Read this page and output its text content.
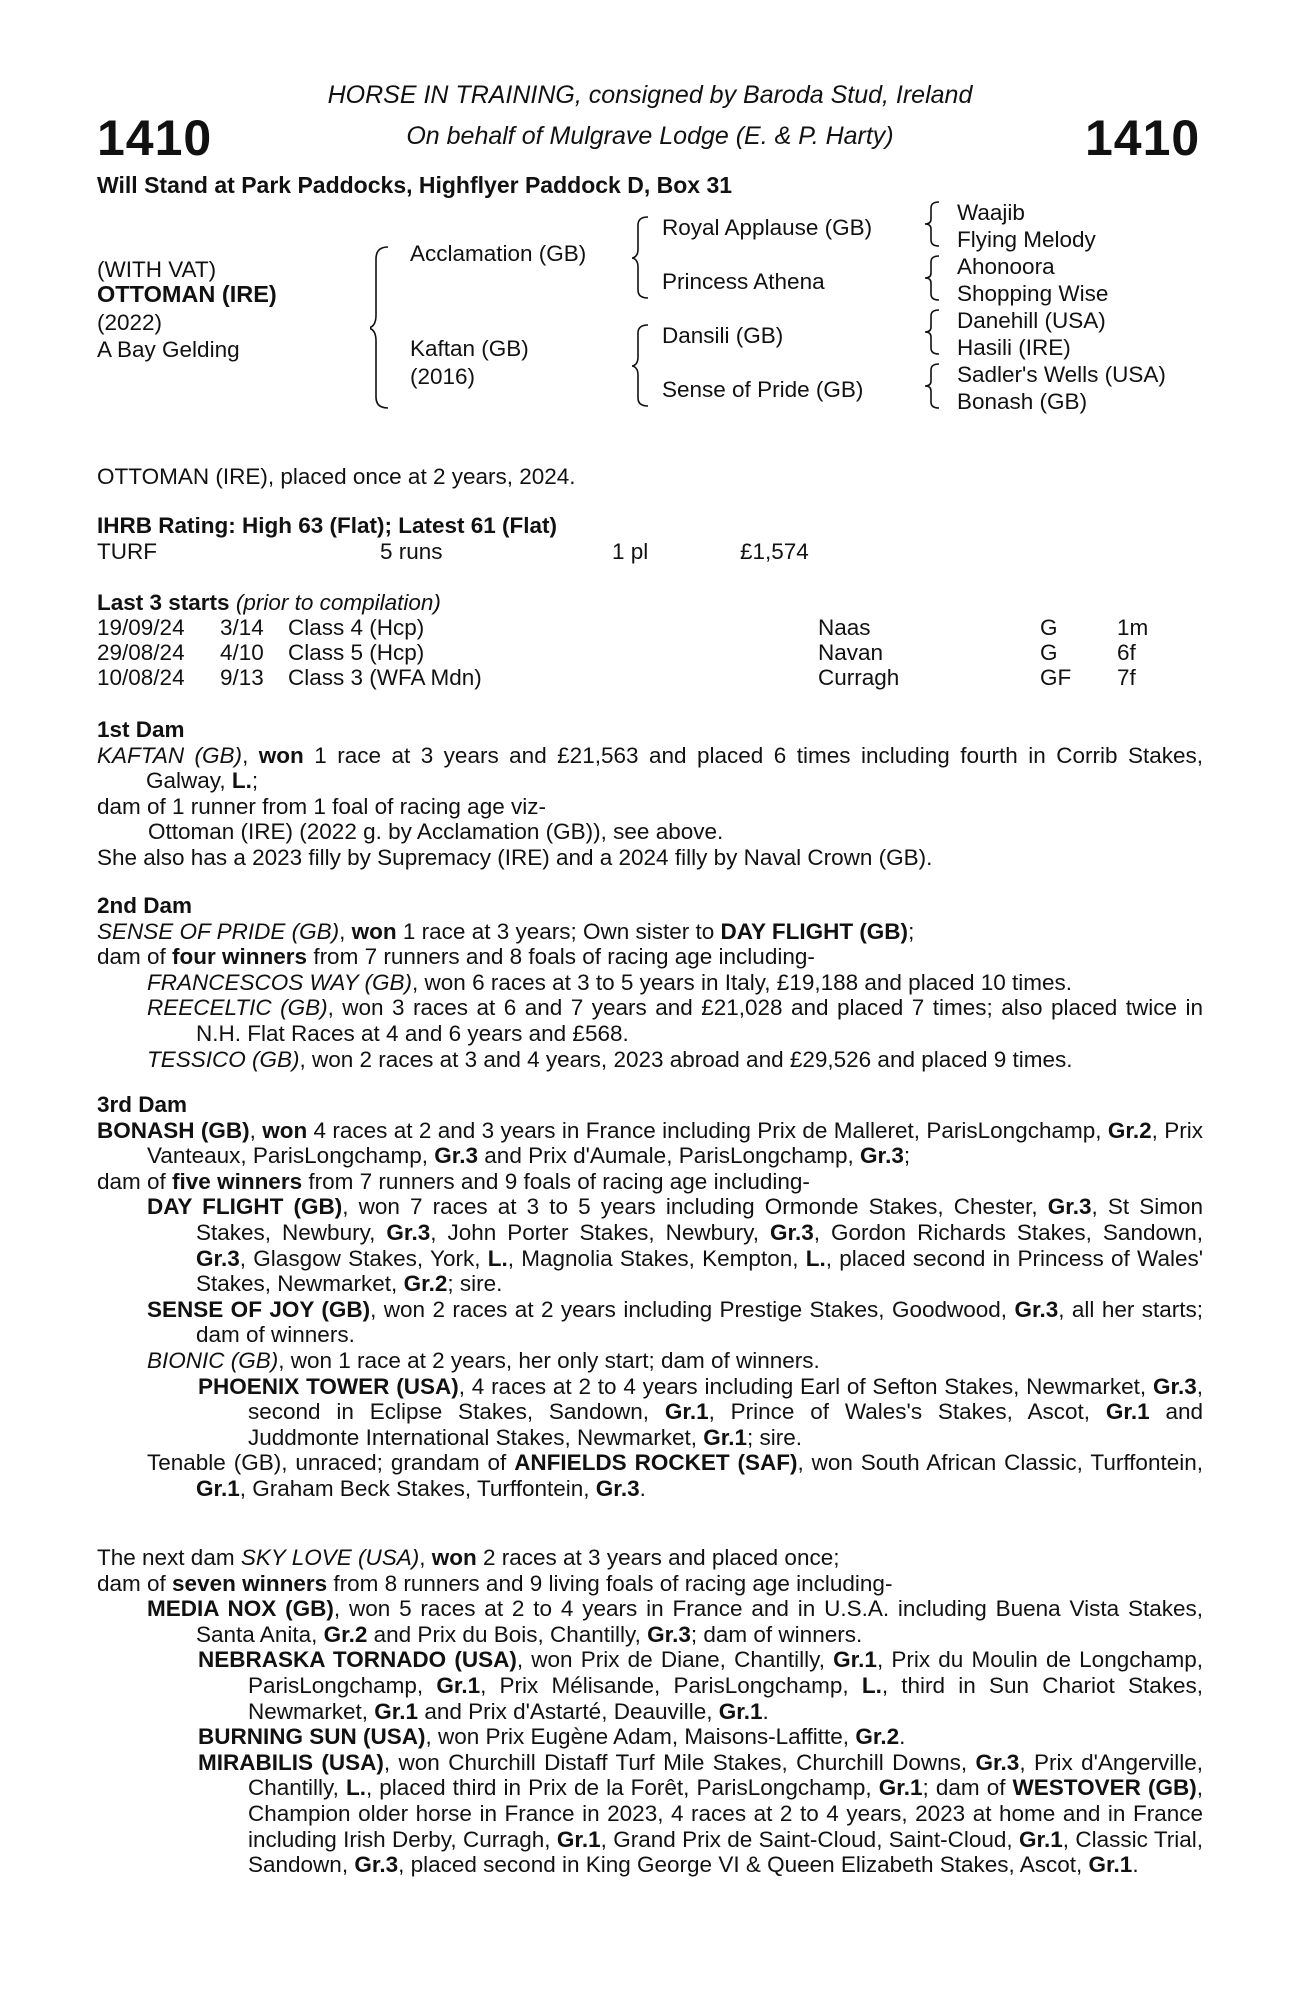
1410	1410
HORSE IN TRAINING, consigned by Baroda Stud, Ireland
On behalf of Mulgrave Lodge (E. & P. Harty)
Will Stand at Park Paddocks, Highflyer Paddock D, Box 31
(WITH VAT)
OTTOMAN (IRE)
(2022)
A Bay Gelding
Acclamation (GB)
Kaftan (GB)
(2016)
Royal Applause (GB)
Princess Athena
Dansili (GB)
Sense of Pride (GB)
Waajib
Flying Melody
Ahonoora
Shopping Wise
Danehill (USA)
Hasili (IRE)
Sadler's Wells (USA)
Bonash (GB)
OTTOMAN (IRE), placed once at 2 years, 2024.
IHRB Rating: High 63 (Flat); Latest 61 (Flat)
TURF	5 runs	1 pl	£1,574
Last 3 starts (prior to compilation)
19/09/24 3/14 Class 4 (Hcp)	Naas	G	1m
29/08/24 4/10 Class 5 (Hcp)	Navan	G	6f
10/08/24 9/13 Class 3 (WFA Mdn)	Curragh	GF 7f

1st Dam

KAFTAN (GB), won 1 race at 3 years and £21,563 and placed 6 times including fourth in Corrib Stakes, Galway, L.;

dam of 1 runner from 1 foal of racing age viz-

Ottoman (IRE) (2022 g. by Acclamation (GB)), see above.

She also has a 2023 filly by Supremacy (IRE) and a 2024 filly by Naval Crown (GB).

2nd Dam

SENSE OF PRIDE (GB), won 1 race at 3 years; Own sister to DAY FLIGHT (GB);

dam of four winners from 7 runners and 8 foals of racing age including-

FRANCESCOS WAY (GB), won 6 races at 3 to 5 years in Italy, £19,188 and placed 10 times.

REECELTIC (GB), won 3 races at 6 and 7 years and £21,028 and placed 7 times; also placed twice in N.H. Flat Races at 4 and 6 years and £568.

TESSICO (GB), won 2 races at 3 and 4 years, 2023 abroad and £29,526 and placed 9 times.

3rd Dam

BONASH (GB), won 4 races at 2 and 3 years in France including Prix de Malleret, ParisLongchamp, Gr.2, Prix Vanteaux, ParisLongchamp, Gr.3 and Prix d'Aumale, ParisLongchamp, Gr.3;

dam of five winners from 7 runners and 9 foals of racing age including-

DAY FLIGHT (GB), won 7 races at 3 to 5 years including Ormonde Stakes, Chester, Gr.3, St Simon Stakes, Newbury, Gr.3, John Porter Stakes, Newbury, Gr.3, Gordon Richards Stakes, Sandown, Gr.3, Glasgow Stakes, York, L., Magnolia Stakes, Kempton, L., placed second in Princess of Wales' Stakes, Newmarket, Gr.2; sire.

SENSE OF JOY (GB), won 2 races at 2 years including Prestige Stakes, Goodwood, Gr.3, all her starts; dam of winners.

BIONIC (GB), won 1 race at 2 years, her only start; dam of winners.

PHOENIX TOWER (USA), 4 races at 2 to 4 years including Earl of Sefton Stakes, Newmarket, Gr.3, second in Eclipse Stakes, Sandown, Gr.1, Prince of Wales's Stakes, Ascot, Gr.1 and Juddmonte International Stakes, Newmarket, Gr.1; sire.

Tenable (GB), unraced; grandam of ANFIELDS ROCKET (SAF), won South African Classic, Turffontein, Gr.1, Graham Beck Stakes, Turffontein, Gr.3.

The next dam SKY LOVE (USA), won 2 races at 3 years and placed once;

dam of seven winners from 8 runners and 9 living foals of racing age including-

MEDIA NOX (GB), won 5 races at 2 to 4 years in France and in U.S.A. including Buena Vista Stakes, Santa Anita, Gr.2 and Prix du Bois, Chantilly, Gr.3; dam of winners.

NEBRASKA TORNADO (USA), won Prix de Diane, Chantilly, Gr.1, Prix du Moulin de Longchamp, ParisLongchamp, Gr.1, Prix Mélisande, ParisLongchamp, L., third in Sun Chariot Stakes, Newmarket, Gr.1 and Prix d'Astarté, Deauville, Gr.1.

BURNING SUN (USA), won Prix Eugène Adam, Maisons-Laffitte, Gr.2.

MIRABILIS (USA), won Churchill Distaff Turf Mile Stakes, Churchill Downs, Gr.3, Prix d'Angerville, Chantilly, L., placed third in Prix de la Forêt, ParisLongchamp, Gr.1; dam of WESTOVER (GB), Champion older horse in France in 2023, 4 races at 2 to 4 years, 2023 at home and in France including Irish Derby, Curragh, Gr.1, Grand Prix de Saint-Cloud, Saint-Cloud, Gr.1, Classic Trial, Sandown, Gr.3, placed second in King George VI & Queen Elizabeth Stakes, Ascot, Gr.1.
